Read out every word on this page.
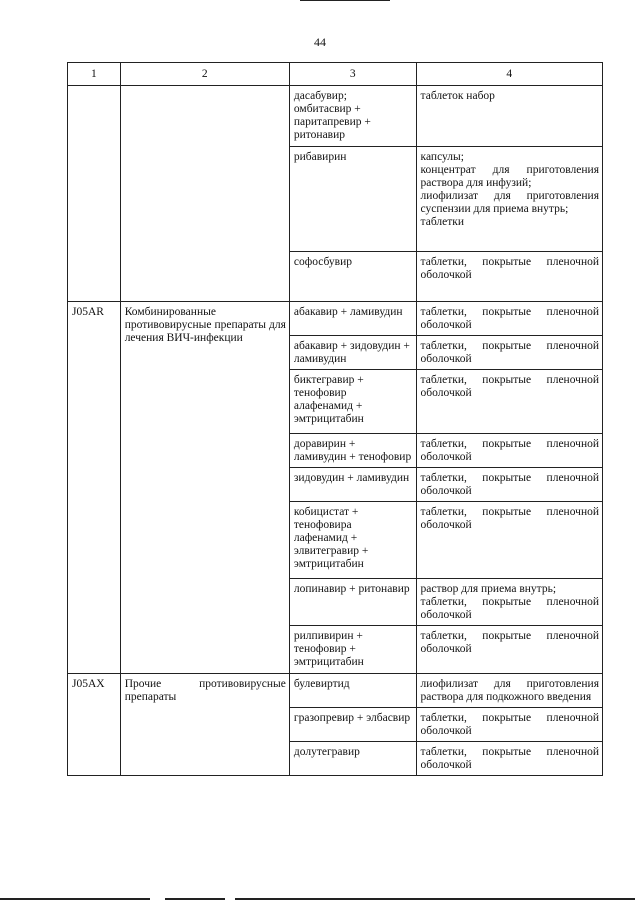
44
1	2	3	4
		дасабувир;
омбитасвир +
паритапревир +
ритонавир	таблеток набор
		рибавирин	капсулы;
концентрат для приготовления раствора для инфузий;
лиофилизат для приготовления суспензии для приема внутрь;
таблетки
		софосбувир	таблетки, покрытые пленочной оболочкой
J05AR	Комбинированные противовирусные препараты для лечения ВИЧ-инфекции	абакавир + ламивудин	таблетки, покрытые пленочной оболочкой
		абакавир + зидовудин + ламивудин	таблетки, покрытые пленочной оболочкой
		биктегравир +
тенофовир
алафенамид +
эмтрицитабин	таблетки, покрытые пленочной оболочкой
		доравирин +
ламивудин + тенофовир	таблетки, покрытые пленочной оболочкой
		зидовудин + ламивудин	таблетки, покрытые пленочной оболочкой
		кобицистат +
тенофовира
лафенамид +
элвитегравир +
эмтрицитабин	таблетки, покрытые пленочной оболочкой
		лопинавир + ритонавир	раствор для приема внутрь;
таблетки, покрытые пленочной оболочкой
		рилпивирин +
тенофовир +
эмтрицитабин	таблетки, покрытые пленочной оболочкой
J05AX	Прочие противовирусные препараты	булевиртид	лиофилизат для приготовления раствора для подкожного введения
		гразопревир + элбасвир	таблетки, покрытые пленочной оболочкой
		долутегравир	таблетки, покрытые пленочной оболочкой
